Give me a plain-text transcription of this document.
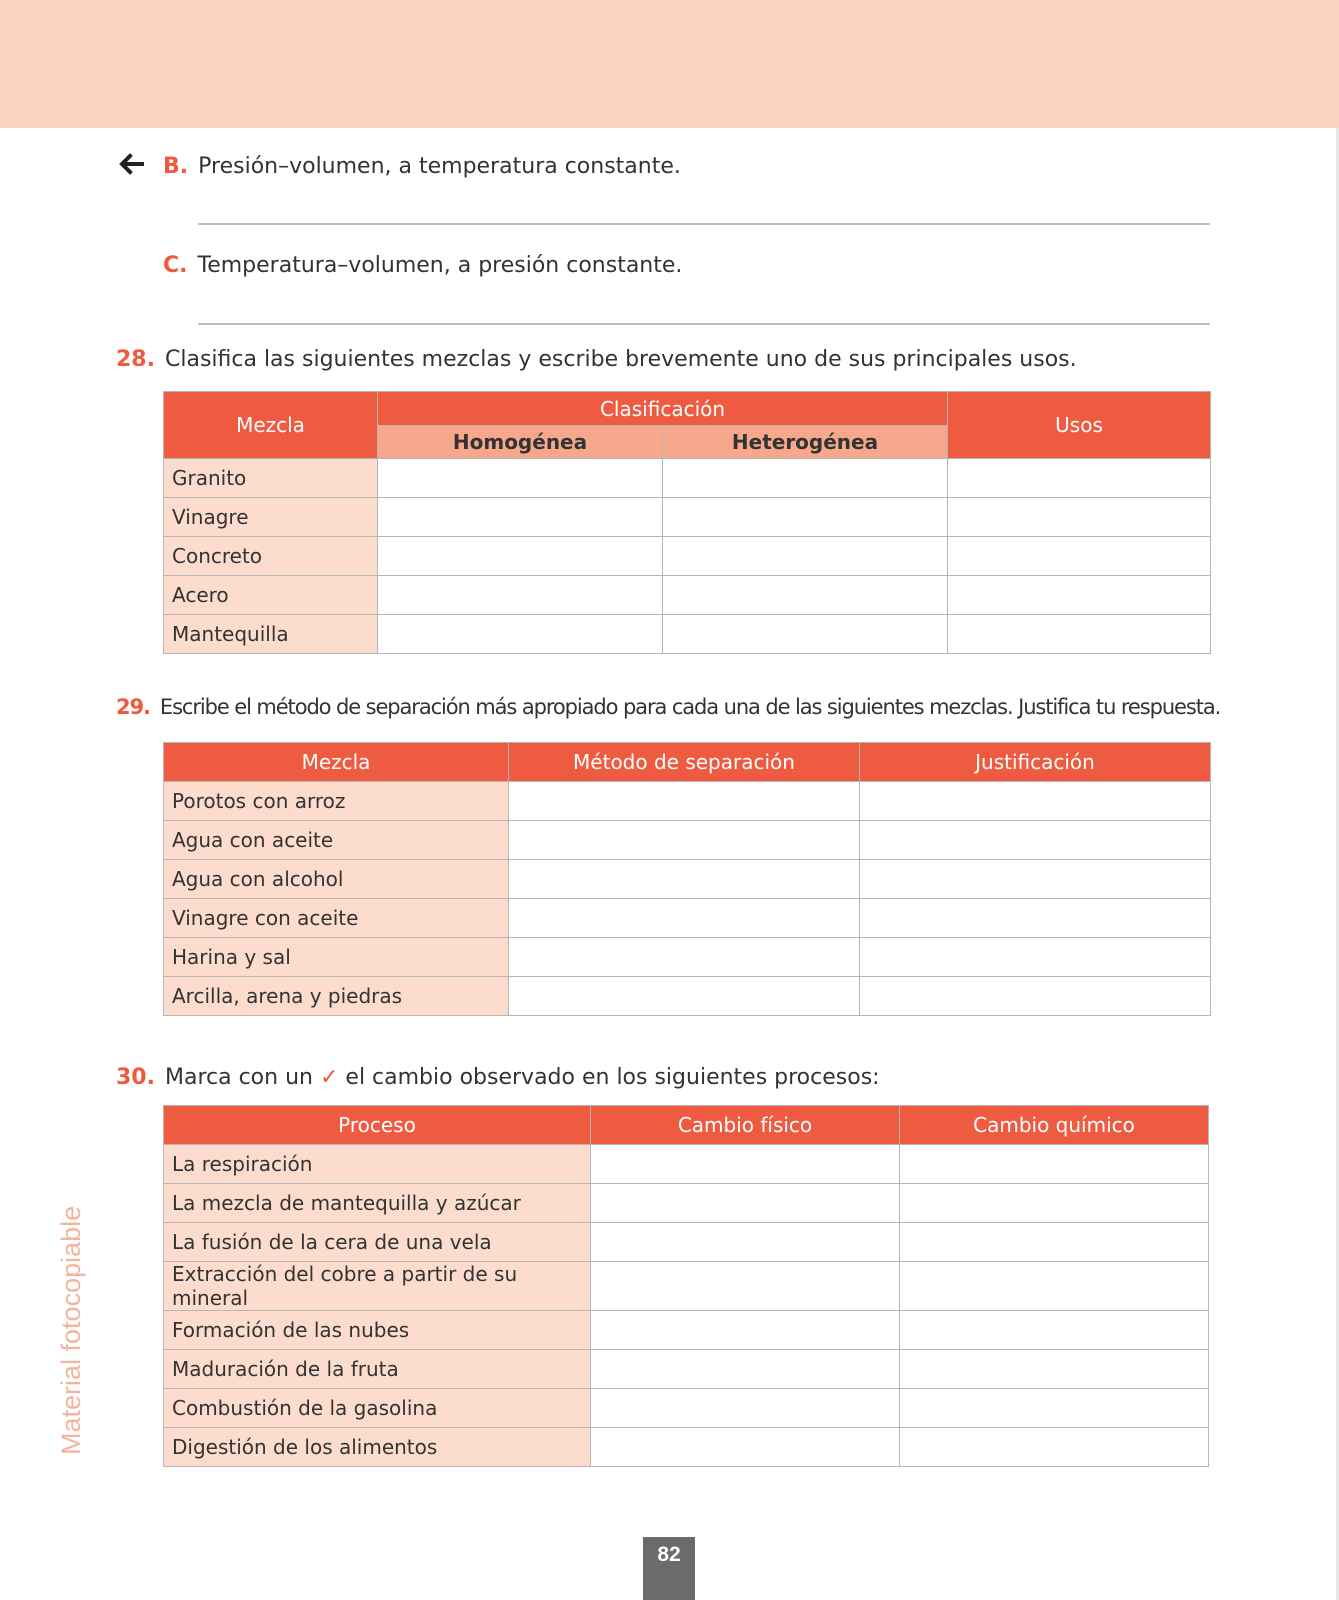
B. Presión–volumen, a temperatura constante.
C. Temperatura–volumen, a presión constante.
28. Clasifica las siguientes mezclas y escribe brevemente uno de sus principales usos.
Mezcla	Clasificación		Usos
	Homogénea	Heterogénea	
Granito			
Vinagre			
Concreto			
Acero			
Mantequilla			
29. Escribe el método de separación más apropiado para cada una de las siguientes mezclas. Justifica tu respuesta.
Mezcla	Método de separación	Justificación
Porotos con arroz		
Agua con aceite		
Agua con alcohol		
Vinagre con aceite		
Harina y sal		
Arcilla, arena y piedras		
30. Marca con un ✓ el cambio observado en los siguientes procesos:
Proceso	Cambio físico	Cambio químico
La respiración		
La mezcla de mantequilla y azúcar		
La fusión de la cera de una vela		
Extracción del cobre a partir de su mineral		
Formación de las nubes		
Maduración de la fruta		
Combustión de la gasolina		
Digestión de los alimentos		
Material fotocopiable
82
